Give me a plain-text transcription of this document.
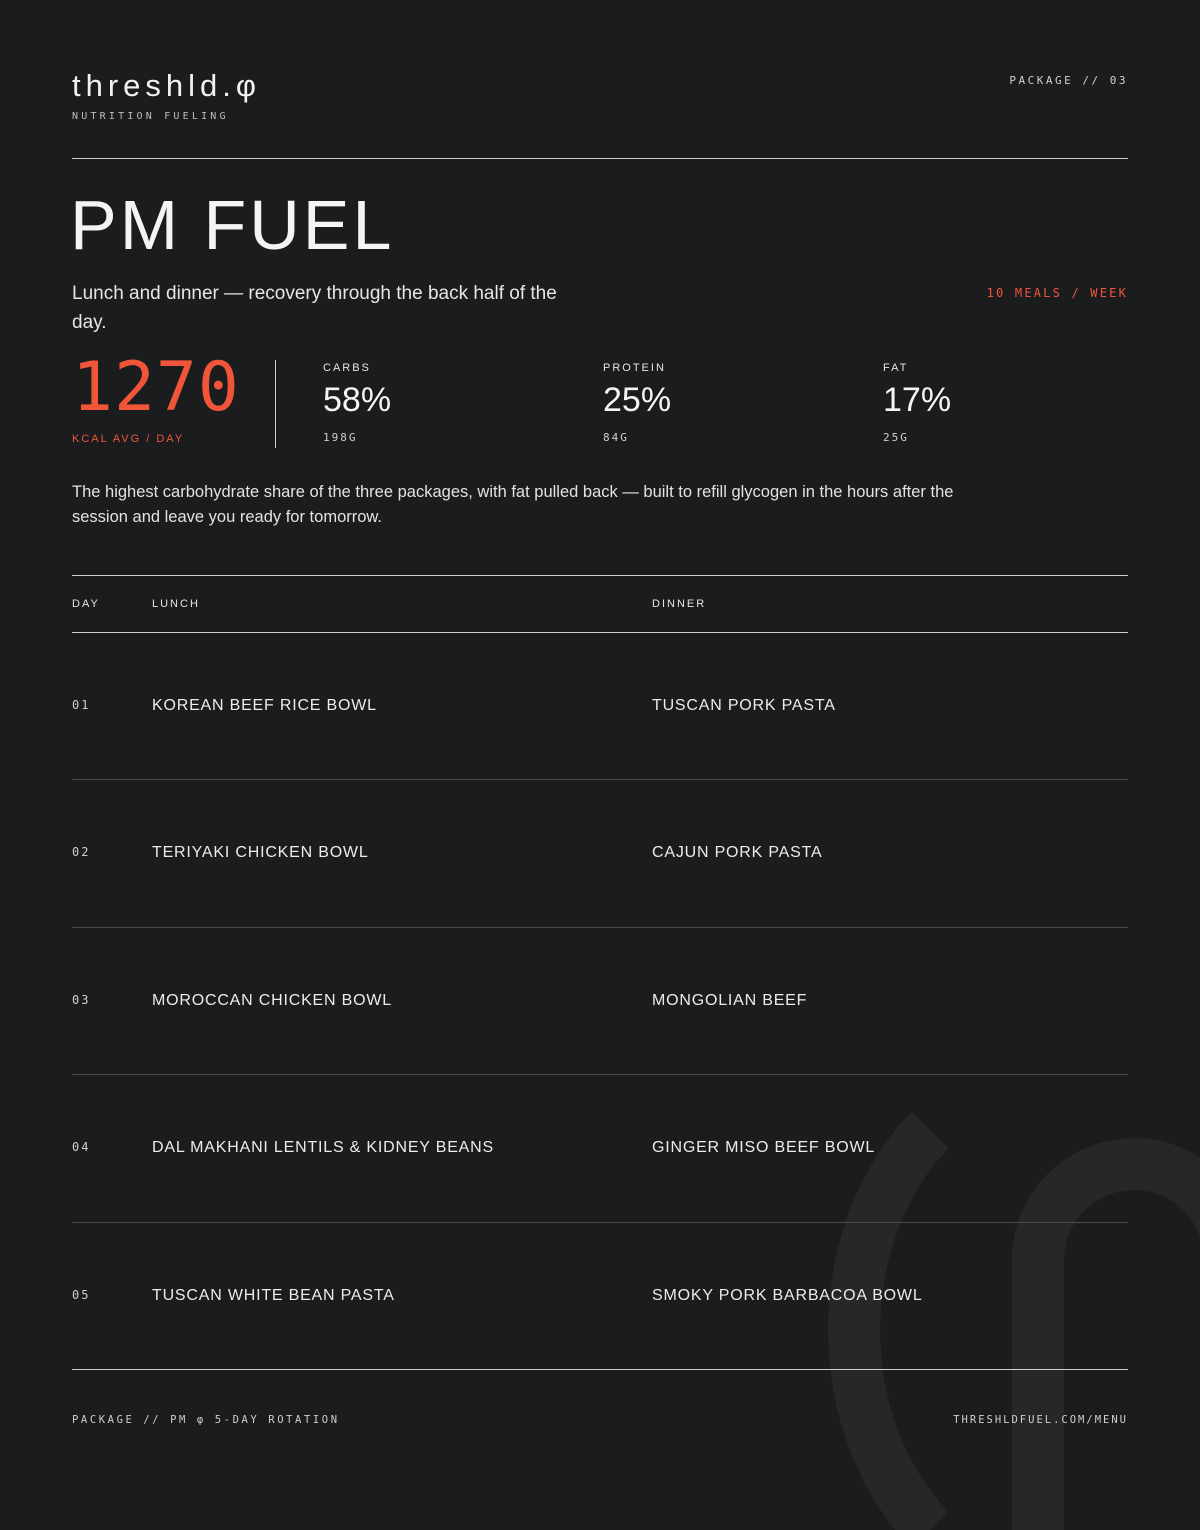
threshld.φ
NUTRITION FUELING
PACKAGE // 03
PM FUEL
Lunch and dinner — recovery through the back half of the day.
10 MEALS / WEEK
1270
KCAL AVG / DAY
CARBS
58%
198G
PROTEIN
25%
84G
FAT
17%
25G
The highest carbohydrate share of the three packages, with fat pulled back — built to refill glycogen in the hours after the session and leave you ready for tomorrow.
DAY	LUNCH	DINNER
01	KOREAN BEEF RICE BOWL	TUSCAN PORK PASTA
02	TERIYAKI CHICKEN BOWL	CAJUN PORK PASTA
03	MOROCCAN CHICKEN BOWL	MONGOLIAN BEEF
04	DAL MAKHANI LENTILS & KIDNEY BEANS	GINGER MISO BEEF BOWL
05	TUSCAN WHITE BEAN PASTA	SMOKY PORK BARBACOA BOWL
PACKAGE // PM φ 5-DAY ROTATION	THRESHLDFUEL.COM/MENU
